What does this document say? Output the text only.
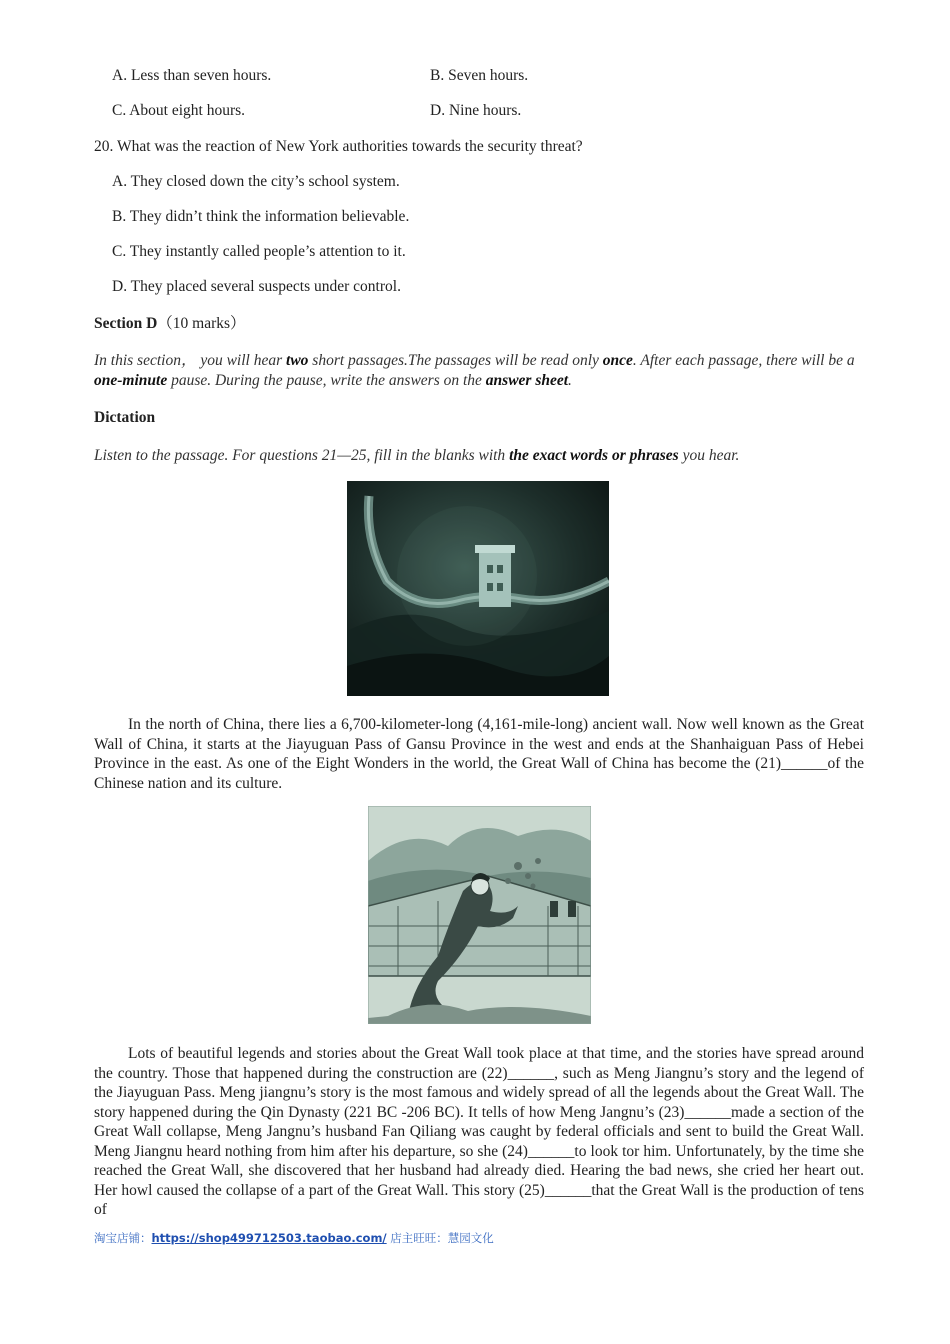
A. Less than seven hours.	B. Seven hours.
C. About eight hours.	D. Nine hours.
20. What was the reaction of New York authorities towards the security threat?
A. They closed down the city’s school system.
B. They didn’t think the information believable.
C. They instantly called people’s attention to it.
D. They placed several suspects under control.
Section D（10 marks）
In this section， you will hear two short passages.The passages will be read only once. After each passage, there will be a one-minute pause. During the pause, write the answers on the answer sheet.
Dictation
Listen to the passage. For questions 21—25, fill in the blanks with the exact words or phrases you hear.
In the north of China, there lies a 6,700-kilometer-long (4,161-mile-long) ancient wall. Now well known as the Great Wall of China, it starts at the Jiayuguan Pass of Gansu Province in the west and ends at the Shanhaiguan Pass of Hebei Province in the east. As one of the Eight Wonders in the world, the Great Wall of China has become the (21)______of the Chinese nation and its culture.
Lots of beautiful legends and stories about the Great Wall took place at that time, and the stories have spread around the country. Those that happened during the construction are (22)______, such as Meng Jiangnu’s story and the legend of the Jiayuguan Pass. Meng jiangnu’s story is the most famous and widely spread of all the legends about the Great Wall. The story happened during the Qin Dynasty (221 BC -206 BC). It tells of how Meng Jangnu’s (23)______made a section of the Great Wall collapse, Meng Jangnu’s husband Fan Qiliang was caught by federal officials and sent to build the Great Wall. Meng Jiangnu heard nothing from him after his departure, so she (24)______to look tor him. Unfortunately, by the time she reached the Great Wall, she discovered that her husband had already died. Hearing the bad news, she cried her heart out. Her howl caused the collapse of a part of the Great Wall. This story (25)______that the Great Wall is the production of tens of
淘宝店铺：https://shop499712503.taobao.com/ 店主旺旺：慧园文化
